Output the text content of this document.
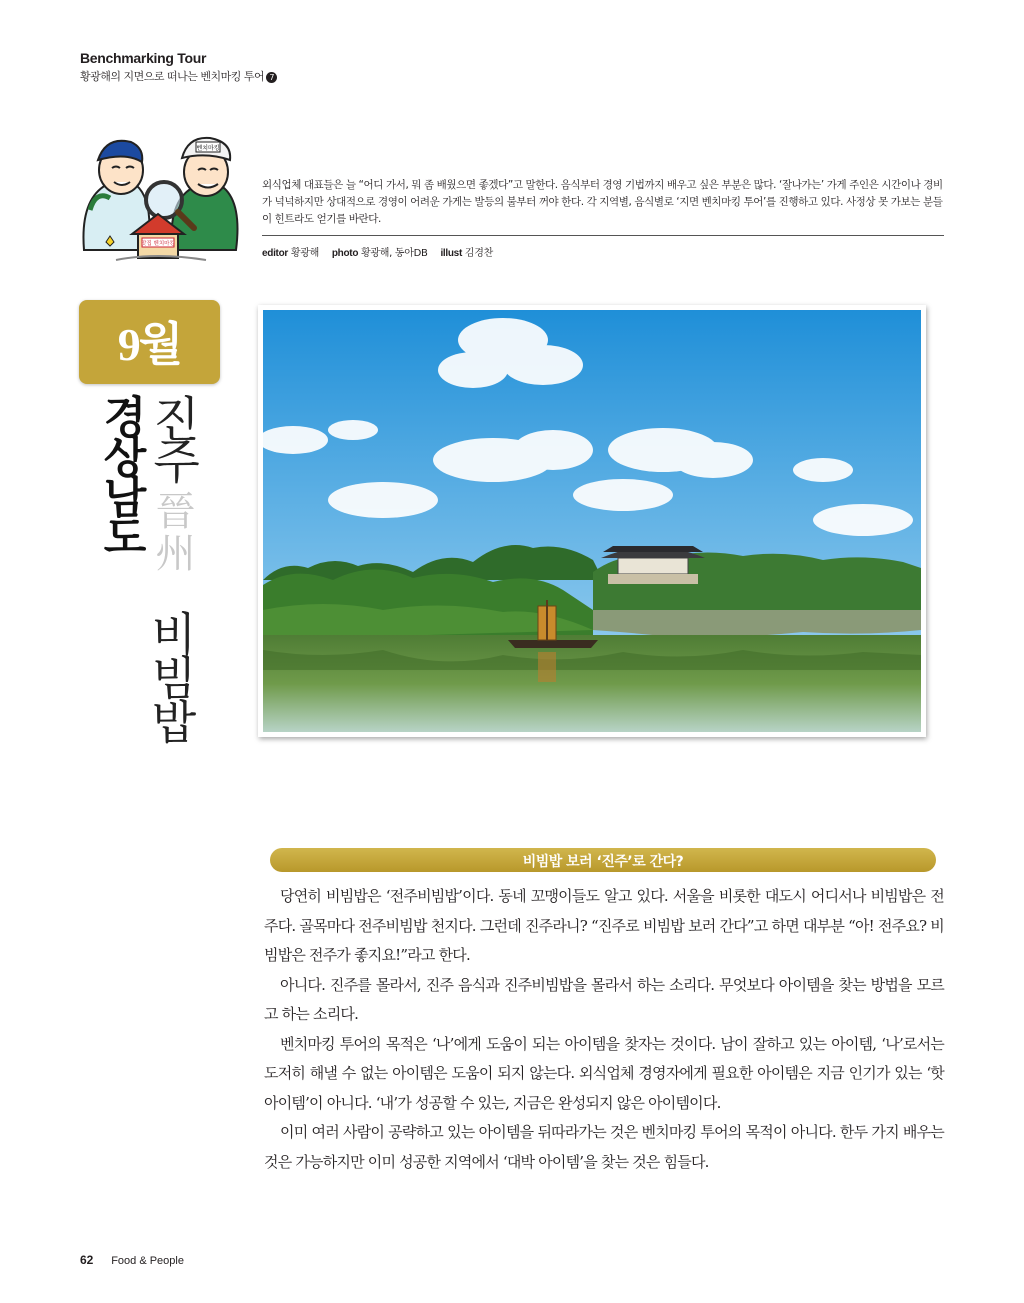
Benchmarking Tour
황광해의 지면으로 떠나는 벤치마킹 투어 7
벤치마킹
맛집 벤치마킹
외식업체 대표들은 늘 “어디 가서, 뭐 좀 배웠으면 좋겠다”고 말한다. 음식부터 경영 기법까지 배우고 싶은 부분은 많다. ‘잘나가는’ 가게 주인은 시간이나 경비가 넉넉하지만 상대적으로 경영이 어려운 가게는 발등의 불부터 꺼야 한다. 각 지역별, 음식별로 ‘지면 벤치마킹 투어’를 진행하고 있다. 사정상 못 가보는 분들이 힌트라도 얻기를 바란다.
editor 황광해 photo 황광해, 동아DB illust 김경찬
9월
경상남도
진주
晉州
비빔밥
비빔밥 보러 ‘진주’로 간다?

당연히 비빔밥은 ‘전주비빔밥’이다. 동네 꼬맹이들도 알고 있다. 서울을 비롯한 대도시 어디서나 비빔밥은 전주다. 골목마다 전주비빔밥 천지다. 그런데 진주라니? “진주로 비빔밥 보러 간다”고 하면 대부분 “아! 전주요? 비빔밥은 전주가 좋지요!”라고 한다.

아니다. 진주를 몰라서, 진주 음식과 진주비빔밥을 몰라서 하는 소리다. 무엇보다 아이템을 찾는 방법을 모르고 하는 소리다.

벤치마킹 투어의 목적은 ‘나’에게 도움이 되는 아이템을 찾자는 것이다. 남이 잘하고 있는 아이템, ‘나’로서는 도저히 해낼 수 없는 아이템은 도움이 되지 않는다. 외식업체 경영자에게 필요한 아이템은 지금 인기가 있는 ‘핫 아이템’이 아니다. ‘내’가 성공할 수 있는, 지금은 완성되지 않은 아이템이다.

이미 여러 사람이 공략하고 있는 아이템을 뒤따라가는 것은 벤치마킹 투어의 목적이 아니다. 한두 가지 배우는 것은 가능하지만 이미 성공한 지역에서 ‘대박 아이템’을 찾는 것은 힘들다.

62 Food & People
